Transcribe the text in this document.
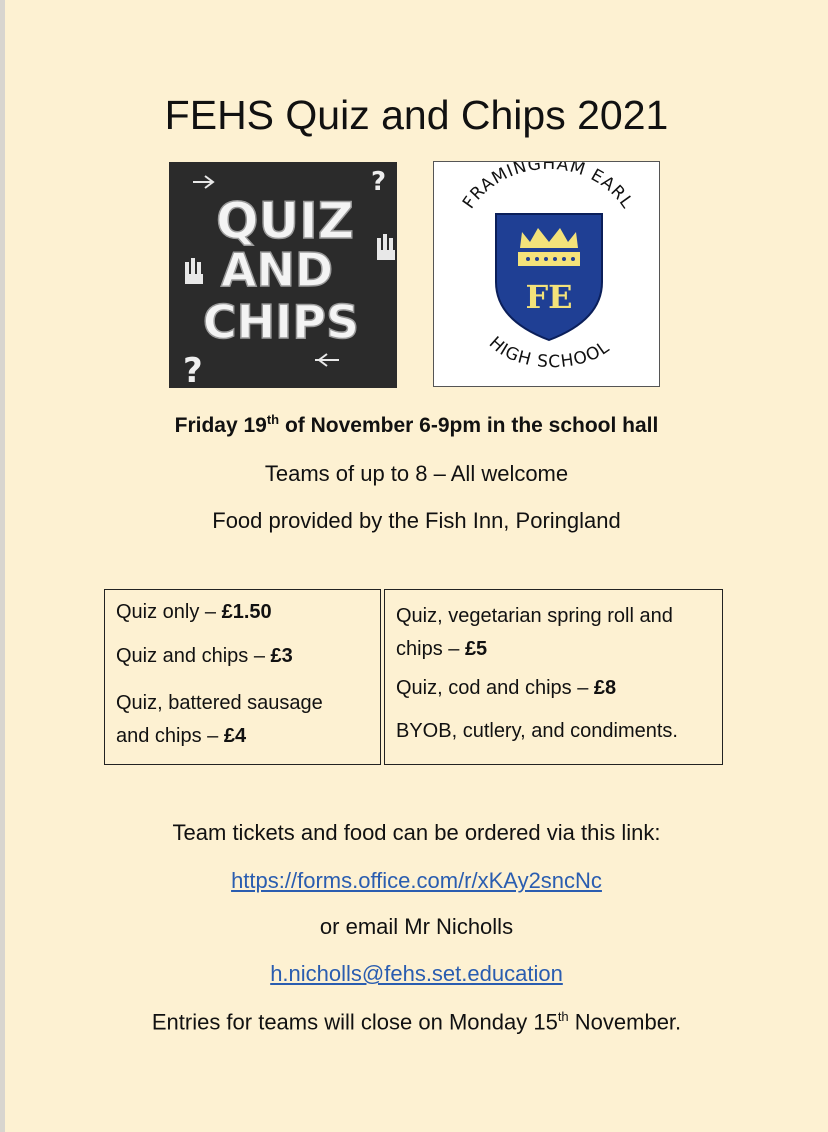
FEHS Quiz and Chips 2021
?
?
QUIZ
AND
CHIPS
FRAMINGHAM EARL
HIGH SCHOOL
FE
Friday 19th of November 6-9pm in the school hall
Teams of up to 8 – All welcome
Food provided by the Fish Inn, Poringland

Quiz only – £1.50

Quiz and chips – £3

Quiz, battered sausage
and chips – £4

Quiz, vegetarian spring roll and
chips – £5

Quiz, cod and chips – £8

BYOB, cutlery, and condiments.

Team tickets and food can be ordered via this link:
https://forms.office.com/r/xKAy2sncNc
or email Mr Nicholls
h.nicholls@fehs.set.education
Entries for teams will close on Monday 15th November.
